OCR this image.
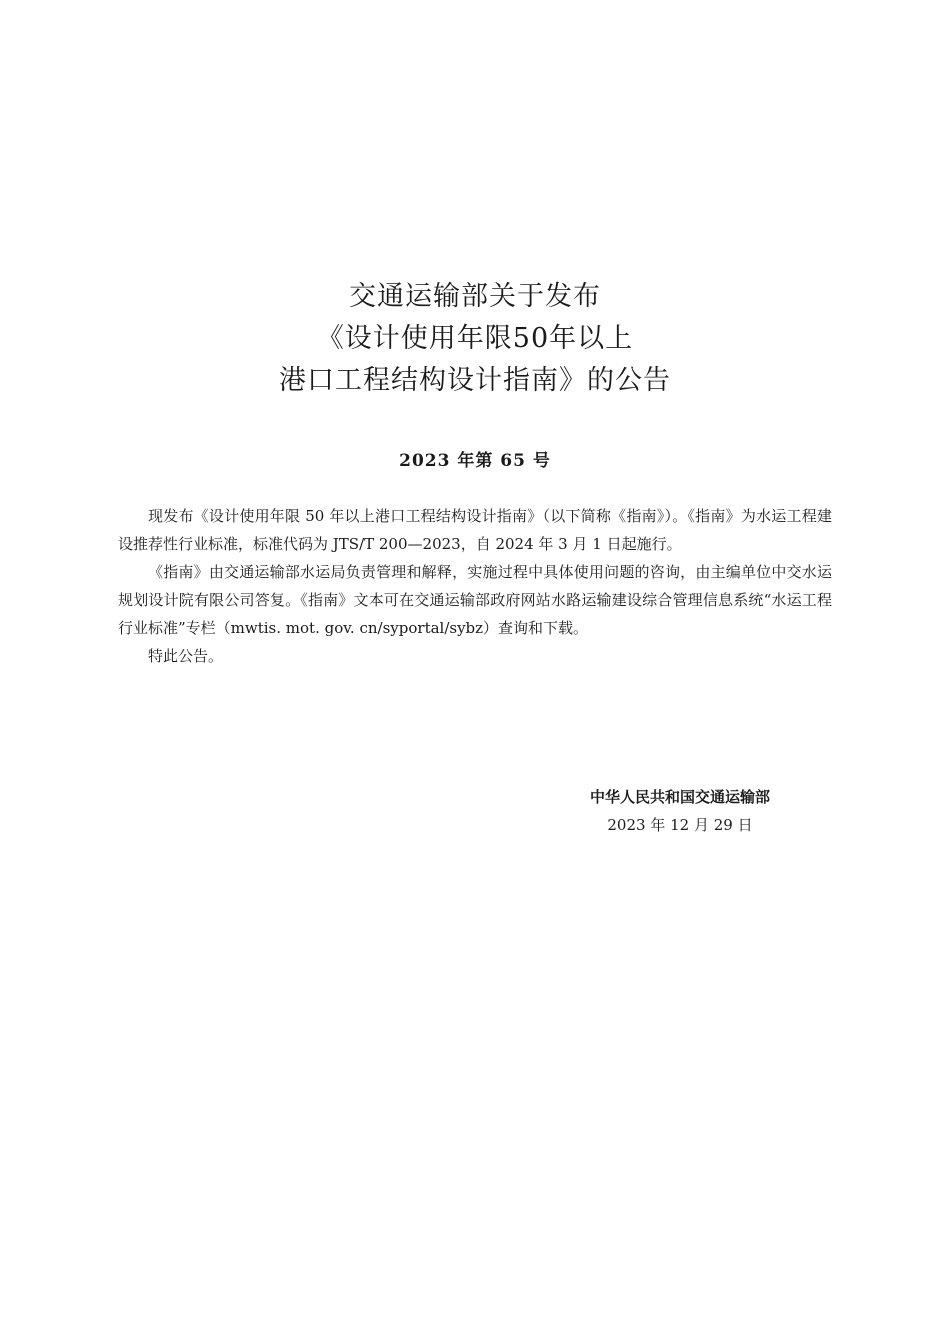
交通运输部关于发布
《设计使用年限50年以上
港口工程结构设计指南》的公告
2023 年第 65 号

现发布《设计使用年限 50 年以上港口工程结构设计指南》（以下简称《指南》）。《指南》为水运工程建设推荐性行业标准，标准代码为 JTS/T 200—2023，自 2024 年 3 月 1 日起施行。

《指南》由交通运输部水运局负责管理和解释，实施过程中具体使用问题的咨询，由主编单位中交水运规划设计院有限公司答复。《指南》文本可在交通运输部政府网站水路运输建设综合管理信息系统“水运工程行业标准”专栏（mwtis. mot. gov. cn/syportal/sybz）查询和下载。

特此公告。

中华人民共和国交通运输部
2023 年 12 月 29 日
